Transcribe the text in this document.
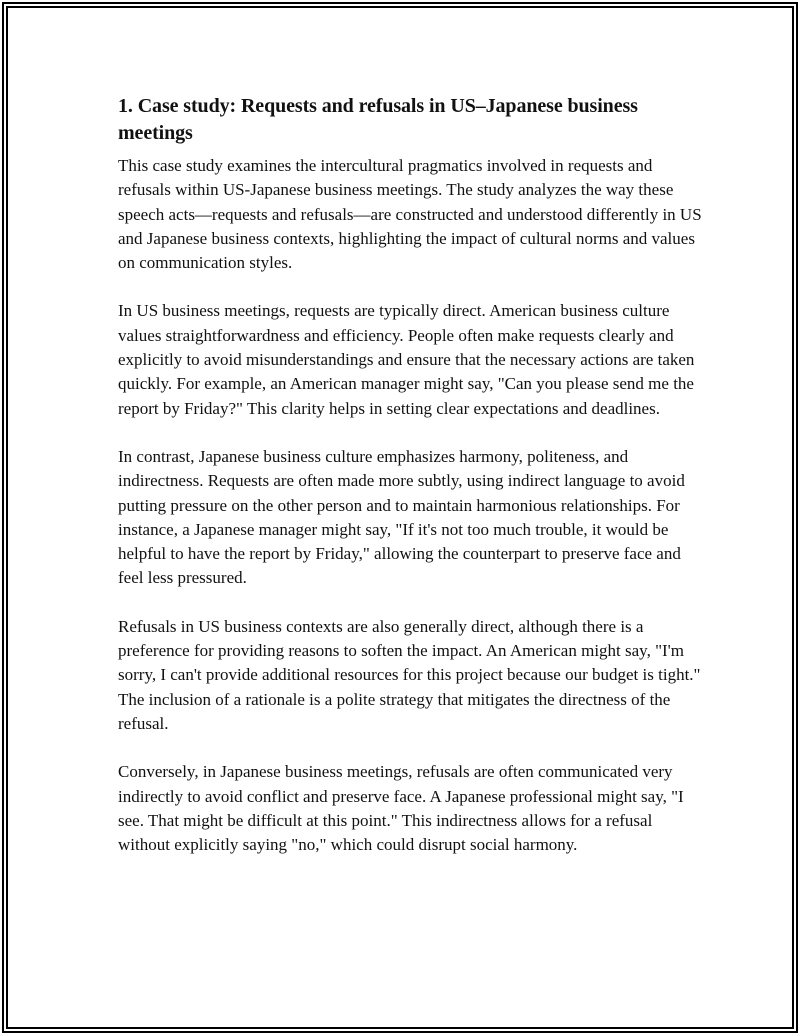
1. Case study: Requests and refusals in US–Japanese business meetings

This case study examines the intercultural pragmatics involved in requests and refusals within US-Japanese business meetings. The study analyzes the way these speech acts—requests and refusals—are constructed and understood differently in US and Japanese business contexts, highlighting the impact of cultural norms and values on communication styles.

In US business meetings, requests are typically direct. American business culture values straightforwardness and efficiency. People often make requests clearly and explicitly to avoid misunderstandings and ensure that the necessary actions are taken quickly. For example, an American manager might say, "Can you please send me the report by Friday?" This clarity helps in setting clear expectations and deadlines.

In contrast, Japanese business culture emphasizes harmony, politeness, and indirectness. Requests are often made more subtly, using indirect language to avoid putting pressure on the other person and to maintain harmonious relationships. For instance, a Japanese manager might say, "If it's not too much trouble, it would be helpful to have the report by Friday," allowing the counterpart to preserve face and feel less pressured.

Refusals in US business contexts are also generally direct, although there is a preference for providing reasons to soften the impact. An American might say, "I'm sorry, I can't provide additional resources for this project because our budget is tight." The inclusion of a rationale is a polite strategy that mitigates the directness of the refusal.

Conversely, in Japanese business meetings, refusals are often communicated very indirectly to avoid conflict and preserve face. A Japanese professional might say, "I see. That might be difficult at this point." This indirectness allows for a refusal without explicitly saying "no," which could disrupt social harmony.
